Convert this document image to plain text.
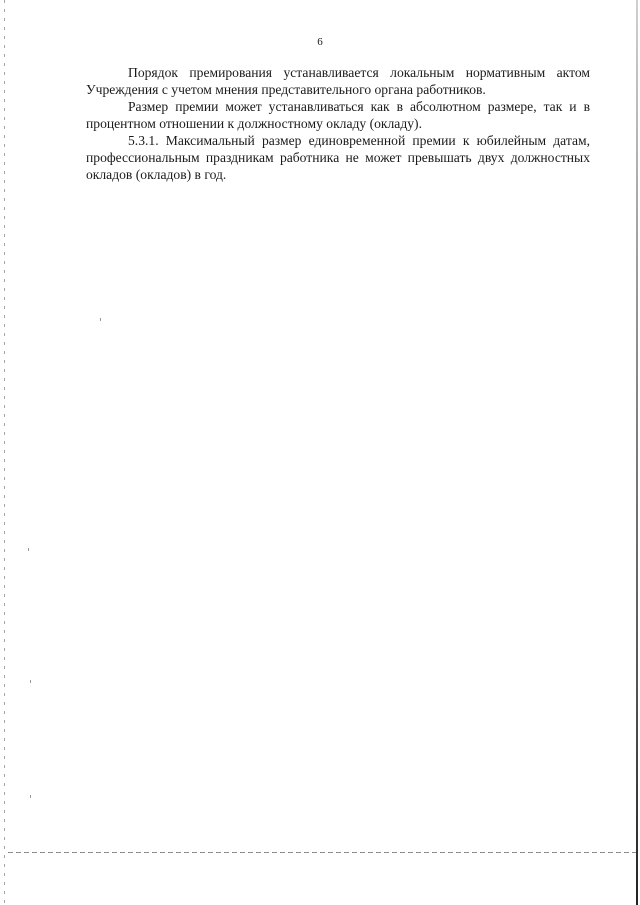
6

Порядок премирования устанавливается локальным нормативным актом Учреждения с учетом мнения представительного органа работников.

Размер премии может устанавливаться как в абсолютном размере, так и в процентном отношении к должностному окладу (окладу).

5.3.1. Максимальный размер единовременной премии к юбилейным датам, профессиональным праздникам работника не может превышать двух должностных окладов (окладов) в год.
